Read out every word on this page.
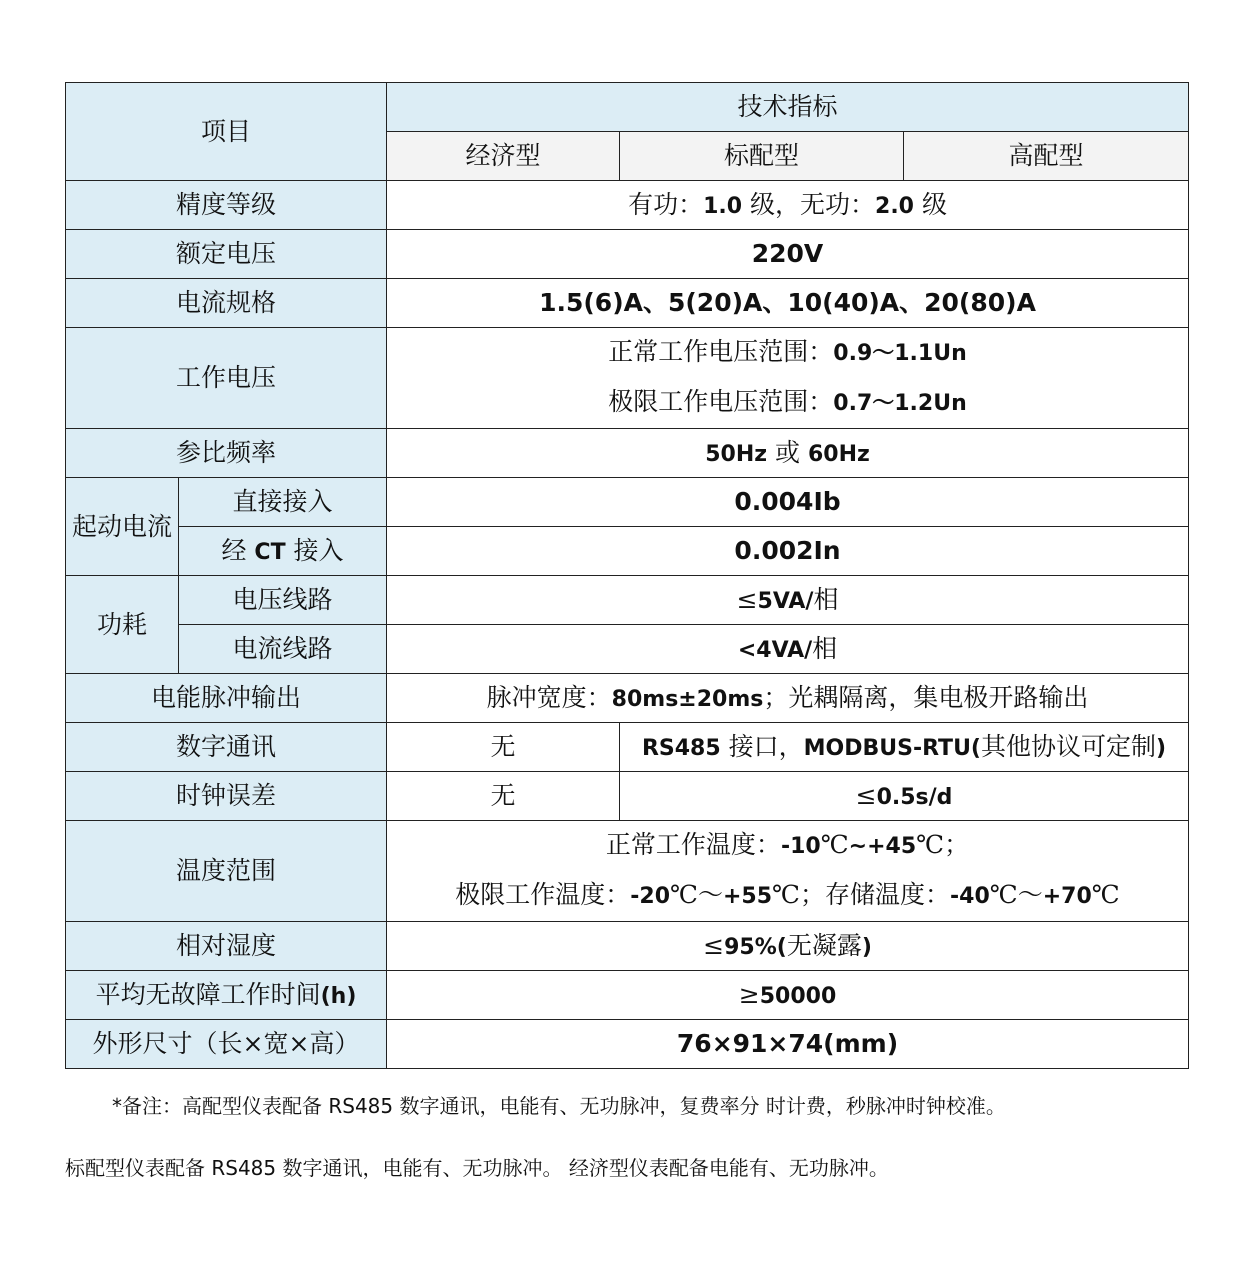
项目		技术指标		
		经济型	标配型	高配型
精度等级		有功：1.0 级，无功：2.0 级		
额定电压		220V		
电流规格		1.5(6)A、5(20)A、10(40)A、20(80)A		
工作电压		正常工作电压范围：0.9～1.1Un
极限工作电压范围：0.7～1.2Un		

参比频率		50Hz 或 60Hz		
起动电流	直接接入	0.004Ib		
	经 CT 接入	0.002In		
功耗	电压线路	≤5VA/相		
	电流线路	<4VA/相		
电能脉冲输出		脉冲宽度：80ms±20ms；光耦隔离，集电极开路输出		
数字通讯		无	RS485 接口，MODBUS-RTU(其他协议可定制)	
时钟误差		无	≤0.5s/d	
温度范围		正常工作温度：-10℃~+45℃；
极限工作温度：-20℃～+55℃；存储温度：-40℃～+70℃		

相对湿度		≤95%(无凝露)		
平均无故障工作时间(h)		≥50000		
外形尺寸（长×宽×高）		76×91×74(mm)		
*备注：高配型仪表配备 RS485 数字通讯，电能有、无功脉冲，复费率分 时计费，秒脉冲时钟校准。
标配型仪表配备 RS485 数字通讯，电能有、无功脉冲。 经济型仪表配备电能有、无功脉冲。
